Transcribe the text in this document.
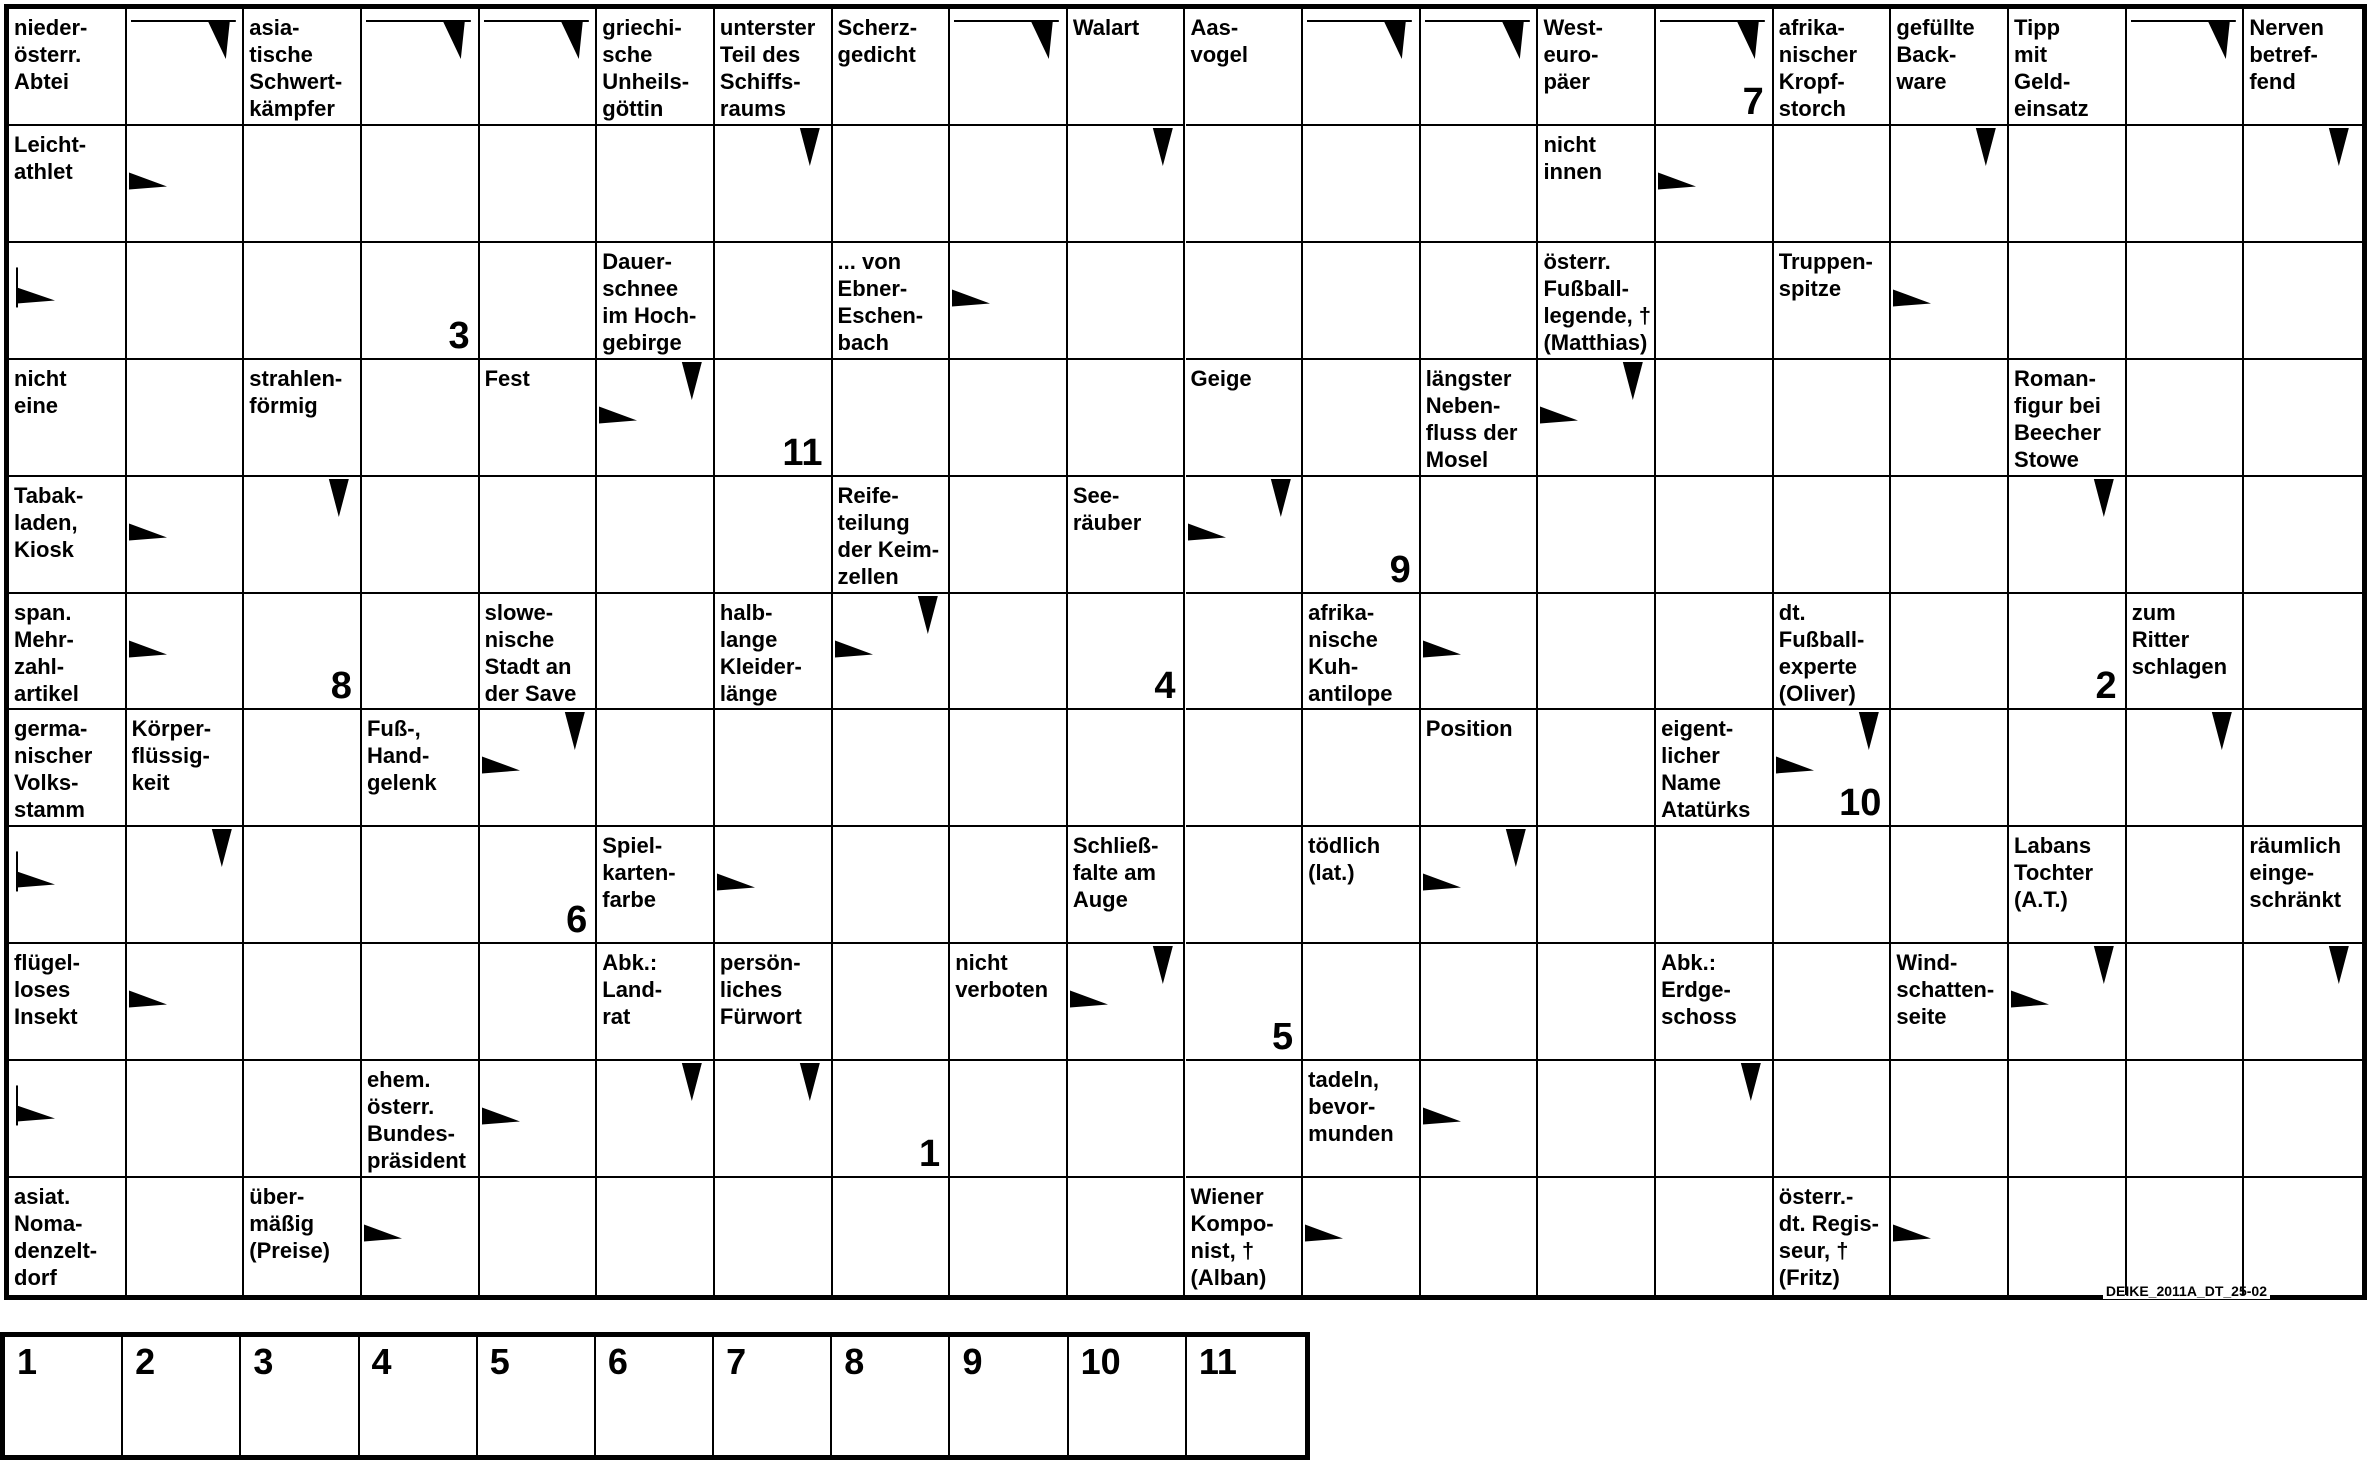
DEIKE_2011A_DT_25-02
nieder-
österr.
Abtei
asia-
tische
Schwert-
kämpfer
griechi-
sche
Unheils-
göttin
unterster
Teil des
Schiffs-
raums
Scherz-
gedicht
Walart	Aas-
vogel
West-
euro-
päer	7
afrika-
nischer
Kropf-
storch
gefüllte
Back-
ware
Tipp
mit
Geld-
einsatz
Nerven
betref-
fend
Leicht-
athlet
nicht
innen
3
Dauer-
schnee
im Hoch-
gebirge
... von
Ebner-
Eschen-
bach
österr.
Fußball-
legende, †
(Matthias)
Truppen-
spitze
nicht
eine
strahlen-
förmig
Fest
11
Geige	längster
Neben-
fluss der
Mosel
Roman-
figur bei
Beecher
Stowe
Tabak-
laden,
Kiosk
Reife-
teilung
der Keim-
zellen
See-
räuber
9
span.
Mehr-
zahl-
artikel	8
slowe-
nische
Stadt an
der Save
halb-
lange
Kleider-
länge	4
afrika-
nische
Kuh-
antilope
dt.
Fußball-
experte
(Oliver)	2
zum
Ritter
schlagen
germa-
nischer
Volks-
stamm
Körper-
flüssig-
keit
Fuß-,
Hand-
gelenk
Position	eigent-
licher
Name
Atatürks	10
6
Spiel-
karten-
farbe
Schließ-
falte am
Auge
tödlich
(lat.)
Labans
Tochter
(A.T.)
räumlich
einge-
schränkt
flügel-
loses
Insekt
Abk.:
Land-
rat
persön-
liches
Fürwort
nicht
verboten
5
Abk.:
Erdge-
schoss
Wind-
schatten-
seite
ehem.
österr.
Bundes-
präsident	1
tadeln,
bevor-
munden
asiat.
Noma-
denzelt-
dorf
über-
mäßig
(Preise)
Wiener
Kompo-
nist, †
(Alban)
österr.-
dt. Regis-
seur, †
(Fritz)
1	2	3	4	5	6	7	8	9	10 11
